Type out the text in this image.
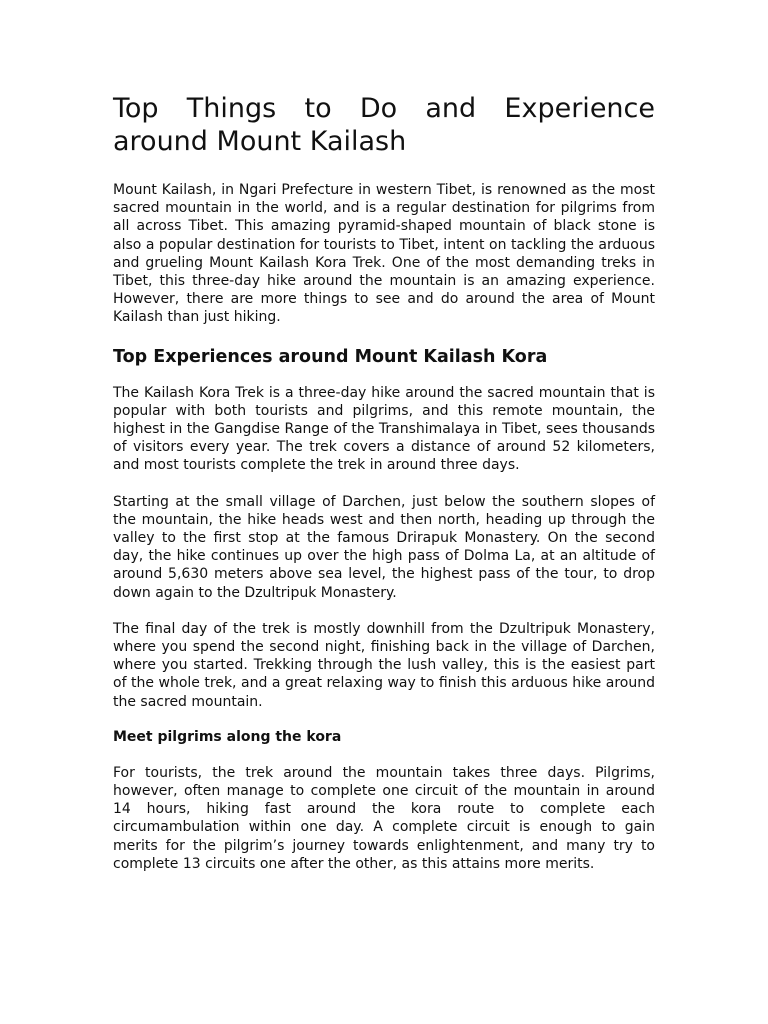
Top Things to Do and Experience around Mount Kailash

Mount Kailash, in Ngari Prefecture in western Tibet, is renowned as the most sacred mountain in the world, and is a regular destination for pilgrims from all across Tibet. This amazing pyramid-shaped mountain of black stone is also a popular destination for tourists to Tibet, intent on tackling the arduous and grueling Mount Kailash Kora Trek. One of the most demanding treks in Tibet, this three-day hike around the mountain is an amazing experience. However, there are more things to see and do around the area of Mount Kailash than just hiking.

Top Experiences around Mount Kailash Kora

The Kailash Kora Trek is a three-day hike around the sacred mountain that is popular with both tourists and pilgrims, and this remote mountain, the highest in the Gangdise Range of the Transhimalaya in Tibet, sees thousands of visitors every year. The trek covers a distance of around 52 kilometers, and most tourists complete the trek in around three days.

Starting at the small village of Darchen, just below the southern slopes of the mountain, the hike heads west and then north, heading up through the valley to the first stop at the famous Drirapuk Monastery. On the second day, the hike continues up over the high pass of Dolma La, at an altitude of around 5,630 meters above sea level, the highest pass of the tour, to drop down again to the Dzultripuk Monastery.

The final day of the trek is mostly downhill from the Dzultripuk Monastery, where you spend the second night, finishing back in the village of Darchen, where you started. Trekking through the lush valley, this is the easiest part of the whole trek, and a great relaxing way to finish this arduous hike around the sacred mountain.

Meet pilgrims along the kora

For tourists, the trek around the mountain takes three days. Pilgrims, however, often manage to complete one circuit of the mountain in around 14 hours, hiking fast around the kora route to complete each circumambulation within one day. A complete circuit is enough to gain merits for the pilgrim’s journey towards enlightenment, and many try to complete 13 circuits one after the other, as this attains more merits.
